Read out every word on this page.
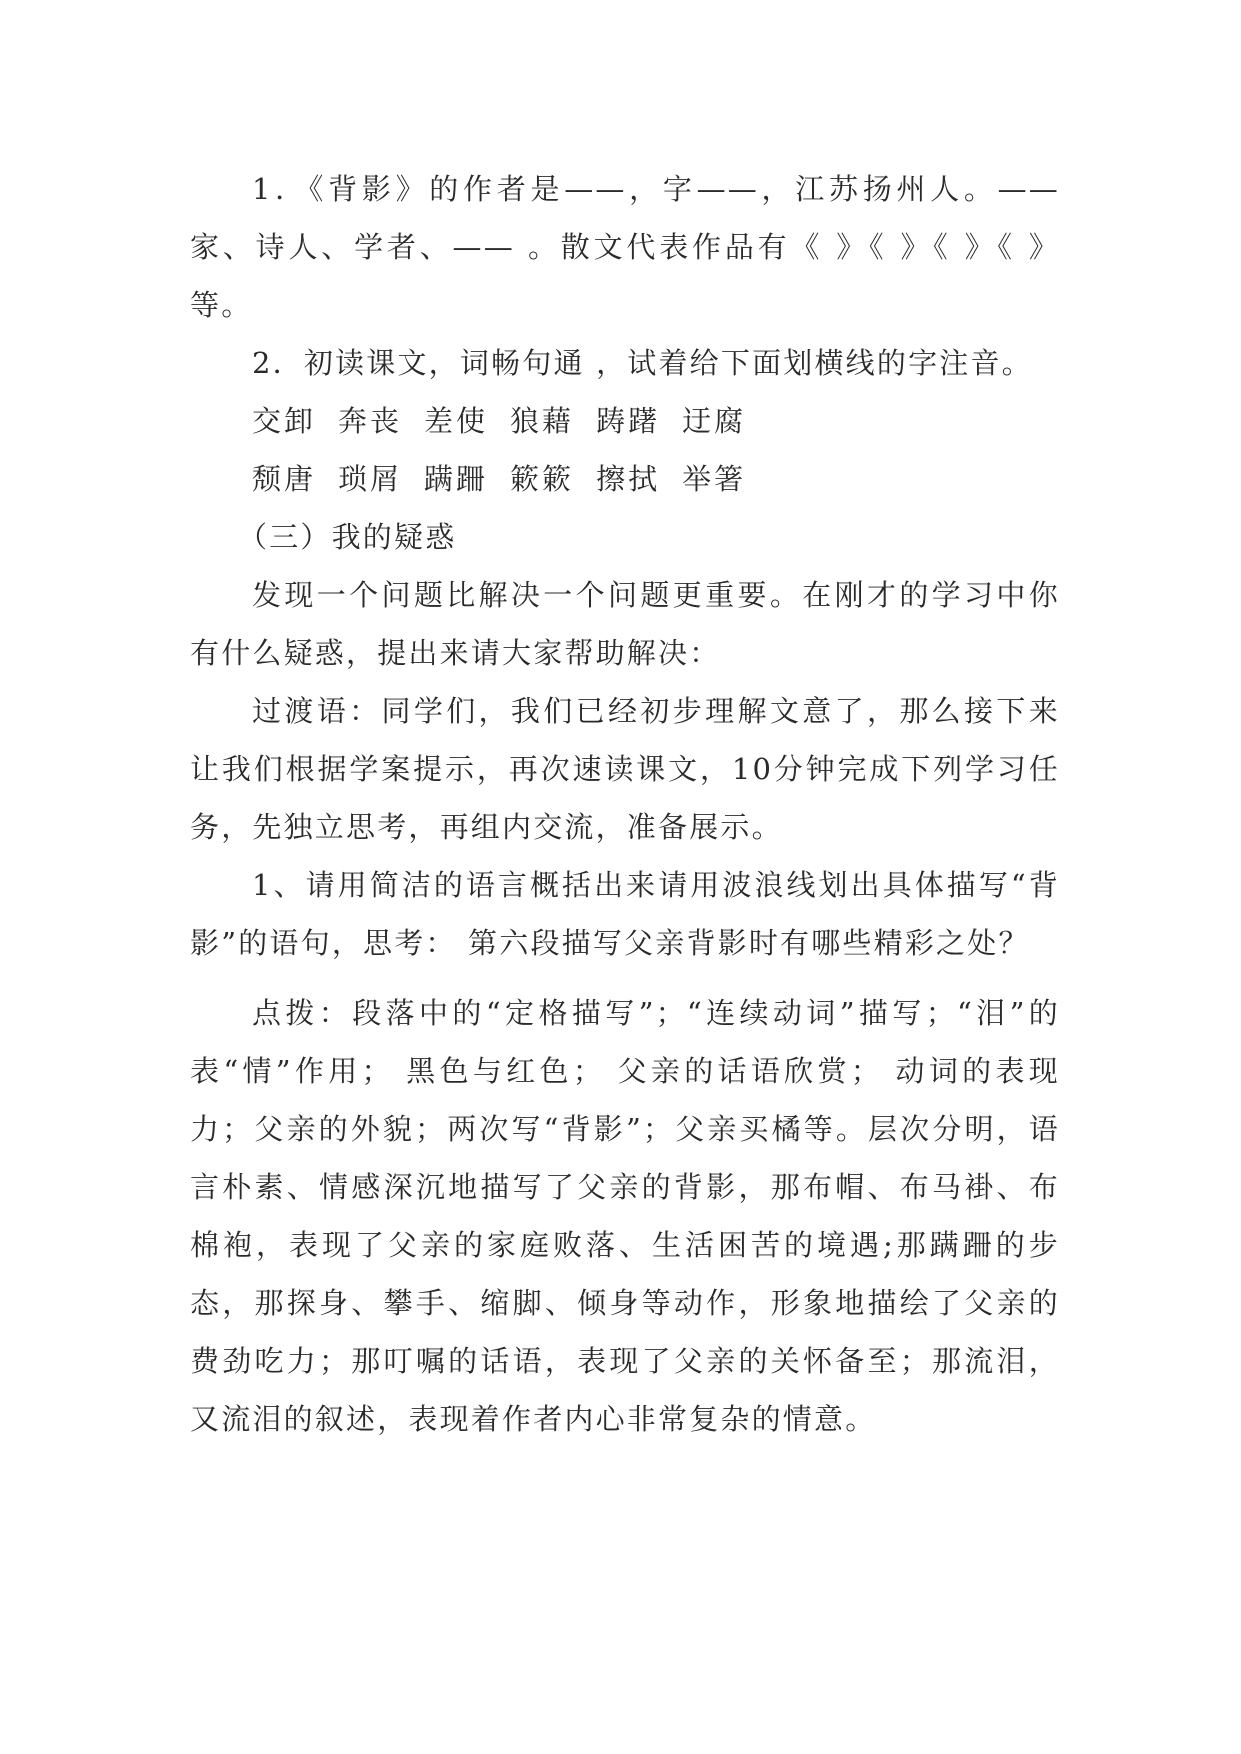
1．《背影》的作者是——，字——，江苏扬州人。——家、诗人、学者、—— 。散文代表作品有《 》《 》《 》《 》等。

2．初读课文，词畅句通 ，试着给下面划横线的字注音。

交卸 奔丧 差使 狼藉 踌躇 迂腐

颓唐 琐屑 蹒跚 簌簌 擦拭 举箸

（三）我的疑惑

发现一个问题比解决一个问题更重要。在刚才的学习中你有什么疑惑，提出来请大家帮助解决：

过渡语：同学们，我们已经初步理解文意了，那么接下来让我们根据学案提示，再次速读课文，10分钟完成下列学习任务，先独立思考，再组内交流，准备展示。

1、请用简洁的语言概括出来请用波浪线划出具体描写“背影”的语句，思考： 第六段描写父亲背影时有哪些精彩之处？

点拨：段落中的“定格描写”；“连续动词”描写；“泪”的表“情”作用； 黑色与红色； 父亲的话语欣赏； 动词的表现力；父亲的外貌；两次写“背影”；父亲买橘等。层次分明，语言朴素、情感深沉地描写了父亲的背影，那布帽、布马褂、布棉袍，表现了父亲的家庭败落、生活困苦的境遇;那蹒跚的步态，那探身、攀手、缩脚、倾身等动作，形象地描绘了父亲的费劲吃力；那叮嘱的话语，表现了父亲的关怀备至；那流泪，又流泪的叙述，表现着作者内心非常复杂的情意。
